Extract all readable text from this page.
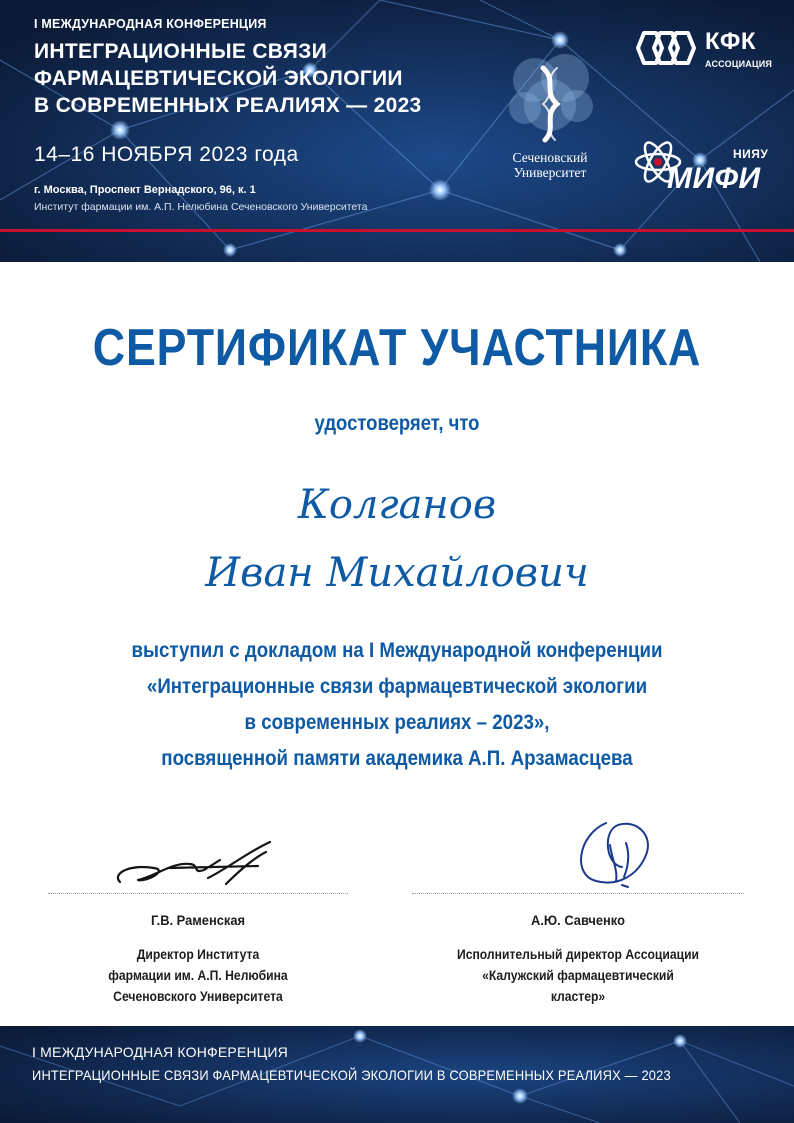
I МЕЖДУНАРОДНАЯ КОНФЕРЕНЦИЯ
ИНТЕГРАЦИОННЫЕ СВЯЗИ
ФАРМАЦЕВТИЧЕСКОЙ ЭКОЛОГИИ
В СОВРЕМЕННЫХ РЕАЛИЯХ — 2023
14–16 НОЯБРЯ 2023 года
г. Москва, Проспект Вернадского, 96, к. 1
Институт фармации им. А.П. Нелюбина Сеченовского Университета
КФК
АССОЦИАЦИЯ
Сеченовский
Университет
НИЯУ
МИФИ
СЕРТИФИКАТ УЧАСТНИКА
удостоверяет, что
Колганов
Иван Михайлович
выступил с докладом на I Международной конференции
«Интеграционные связи фармацевтической экологии
в современных реалиях – 2023»,
посвященной памяти академика А.П. Арзамасцева
Г.В. Раменская
Директор Института
фармации им. А.П. Нелюбина
Сеченовского Университета
А.Ю. Савченко
Исполнительный директор Ассоциации
«Калужский фармацевтический
кластер»
I МЕЖДУНАРОДНАЯ КОНФЕРЕНЦИЯ
ИНТЕГРАЦИОННЫЕ СВЯЗИ ФАРМАЦЕВТИЧЕСКОЙ ЭКОЛОГИИ В СОВРЕМЕННЫХ РЕАЛИЯХ — 2023
